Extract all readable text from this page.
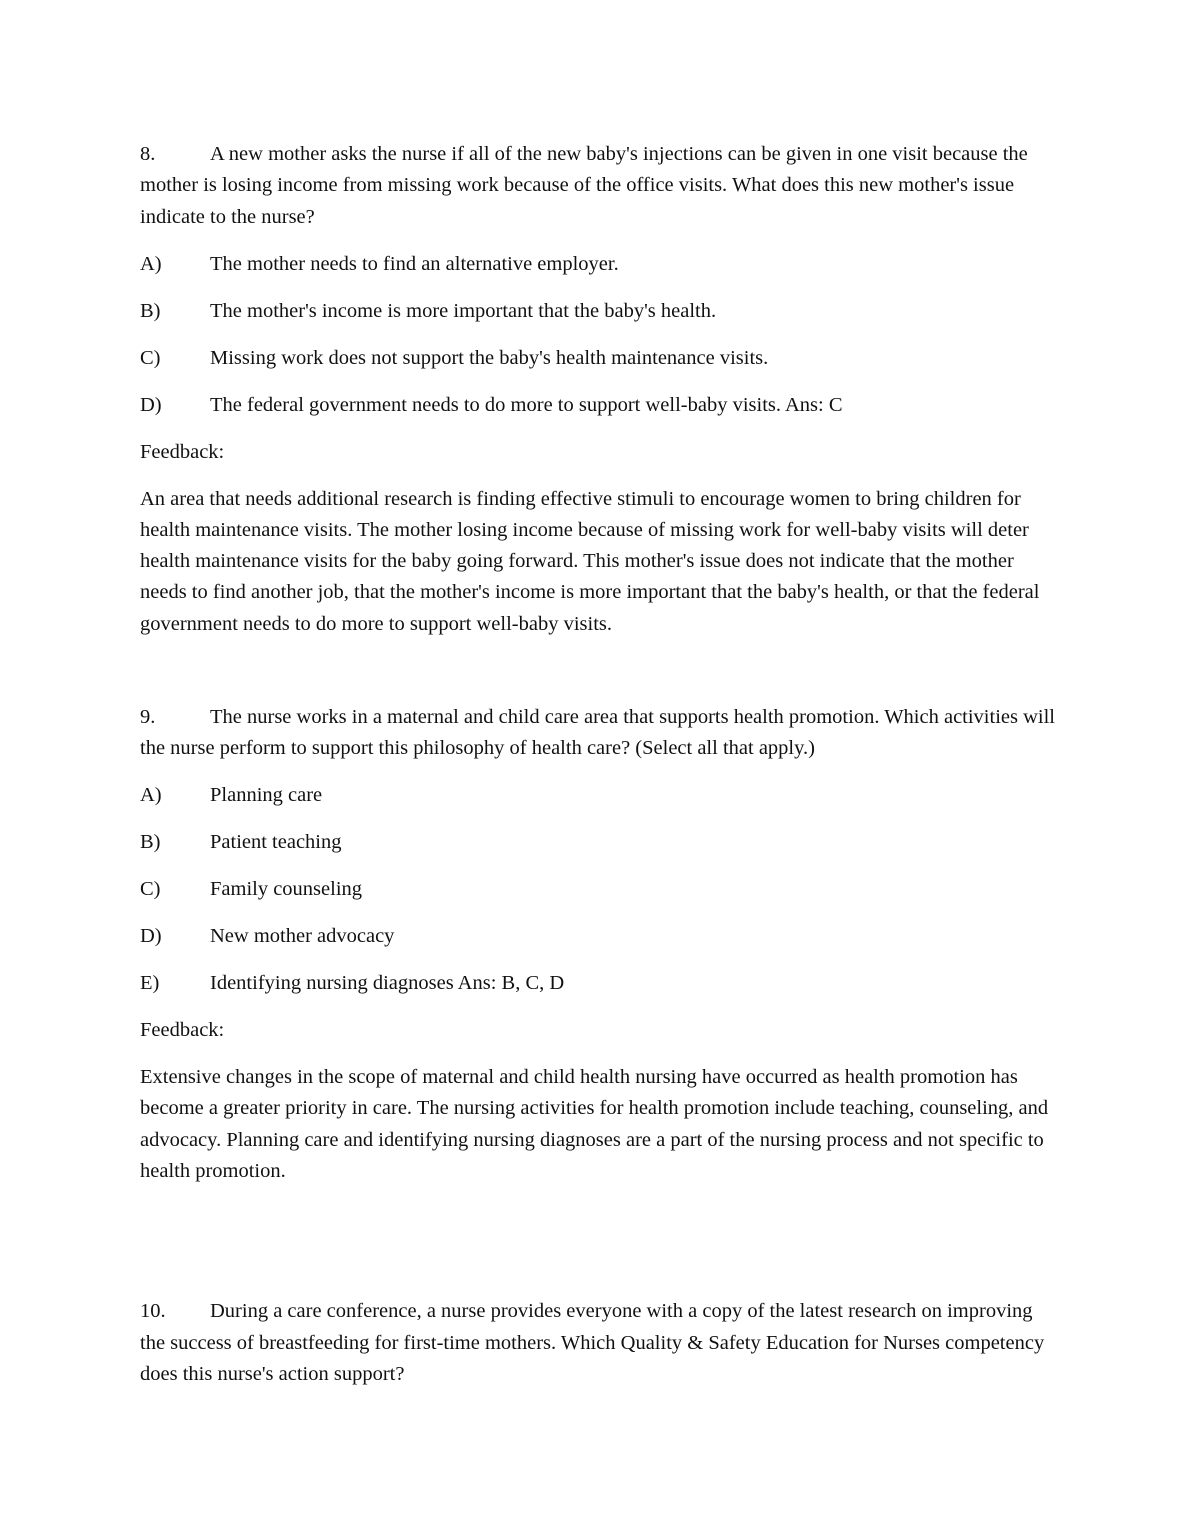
8.	A new mother asks the nurse if all of the new baby's injections can be given in one visit because the mother is losing income from missing work because of the office visits. What does this new mother's issue indicate to the nurse?

A)	The mother needs to find an alternative employer.
B)	The mother's income is more important that the baby's health.
C)	Missing work does not support the baby's health maintenance visits.
D)	The federal government needs to do more to support well-baby visits. Ans: C
Feedback:

An area that needs additional research is finding effective stimuli to encourage women to bring children for health maintenance visits. The mother losing income because of missing work for well-baby visits will deter health maintenance visits for the baby going forward. This mother's issue does not indicate that the mother needs to find another job, that the mother's income is more important that the baby's health, or that the federal government needs to do more to support well-baby visits.

9.	The nurse works in a maternal and child care area that supports health promotion. Which activities will the nurse perform to support this philosophy of health care? (Select all that apply.)

A)	Planning care
B)	Patient teaching
C)	Family counseling
D)	New mother advocacy
E)	Identifying nursing diagnoses Ans: B, C, D
Feedback:

Extensive changes in the scope of maternal and child health nursing have occurred as health promotion has become a greater priority in care. The nursing activities for health promotion include teaching, counseling, and advocacy. Planning care and identifying nursing diagnoses are a part of the nursing process and not specific to health promotion.

10. During a care conference, a nurse provides everyone with a copy of the latest research on improving the success of breastfeeding for first-time mothers. Which Quality & Safety Education for Nurses competency does this nurse's action support?
